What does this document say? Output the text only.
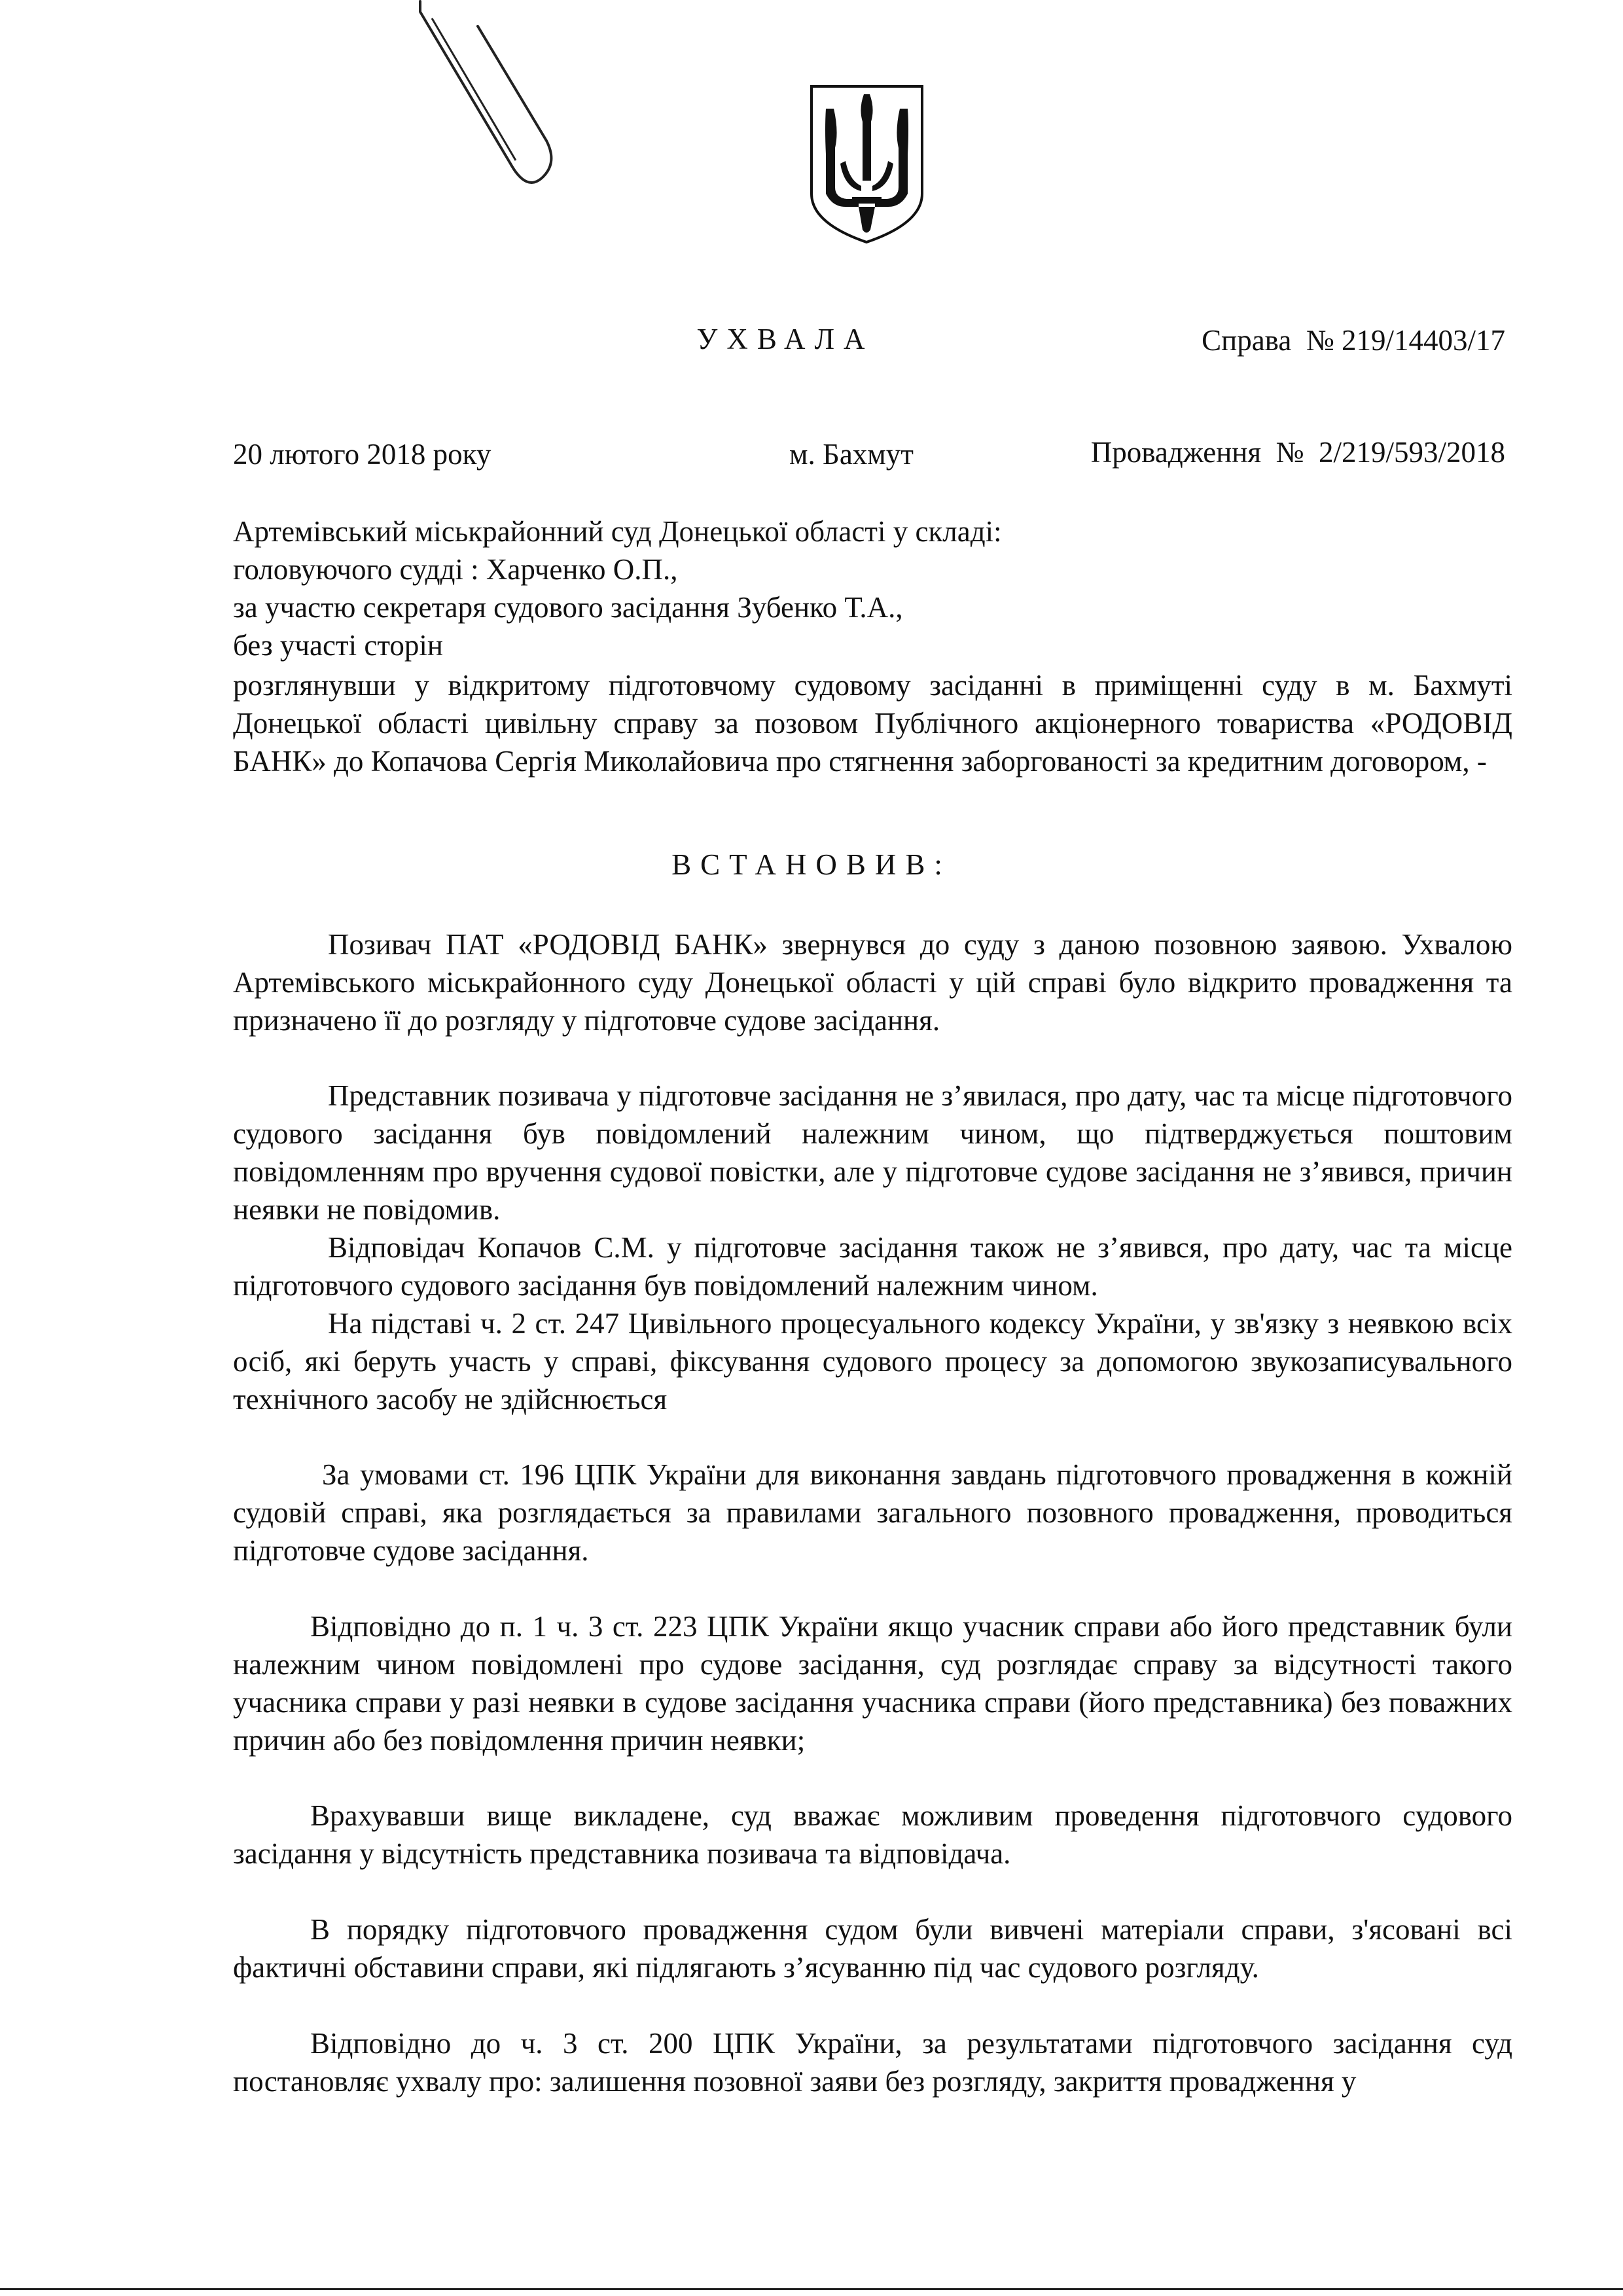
Справа  № 219/14403/17

Провадження  №  2/219/593/2018

УХВАЛА
20 лютого 2018 року	м. Бахмут
Артемівський міськрайонний суд Донецької області у складі:
головуючого судді : Харченко О.П.,
за участю секретаря судового засідання Зубенко Т.А.,
без участі сторін
розглянувши у відкритому підготовчому судовому засіданні в приміщенні суду в м. Бахмуті Донецької області цивільну справу за позовом Публічного акціонерного товариства «РОДОВІД БАНК» до Копачова Сергія Миколайовича про стягнення заборгованості за кредитним договором, -
ВСТАНОВИВ:
Позивач ПАТ «РОДОВІД БАНК» звернувся до суду з даною позовною заявою. Ухвалою Артемівського міськрайонного суду Донецької області у цій справі було відкрито провадження та призначено її до розгляду у підготовче судове засідання.
Представник позивача у підготовче засідання не з’явилася, про дату, час та місце підготовчого судового засідання був повідомлений належним чином, що підтверджується поштовим повідомленням про вручення судової повістки, але у підготовче судове засідання не з’явився, причин неявки не повідомив.
Відповідач Копачов С.М. у підготовче засідання також не з’явився, про дату, час та місце підготовчого судового засідання був повідомлений належним чином.
На підставі ч. 2 ст. 247 Цивільного процесуального кодексу України, у зв'язку з неявкою всіх осіб, які беруть участь у справі, фіксування судового процесу за допомогою звукозаписувального технічного засобу не здійснюється
За умовами ст. 196 ЦПК України для виконання завдань підготовчого провадження в кожній судовій справі, яка розглядається за правилами загального позовного провадження, проводиться підготовче судове засідання.
Відповідно до п. 1 ч. 3 ст. 223 ЦПК України якщо учасник справи або його представник були належним чином повідомлені про судове засідання, суд розглядає справу за відсутності такого учасника справи у разі неявки в судове засідання учасника справи (його представника) без поважних причин або без повідомлення причин неявки;
Врахувавши вище викладене, суд вважає можливим проведення підготовчого судового засідання у відсутність представника позивача та відповідача.
В порядку підготовчого провадження судом були вивчені матеріали справи, з'ясовані всі фактичні обставини справи, які підлягають з’ясуванню під час судового розгляду.
Відповідно до ч. 3 ст. 200 ЦПК України, за результатами підготовчого засідання суд постановляє ухвалу про: залишення позовної заяви без розгляду, закриття провадження у
